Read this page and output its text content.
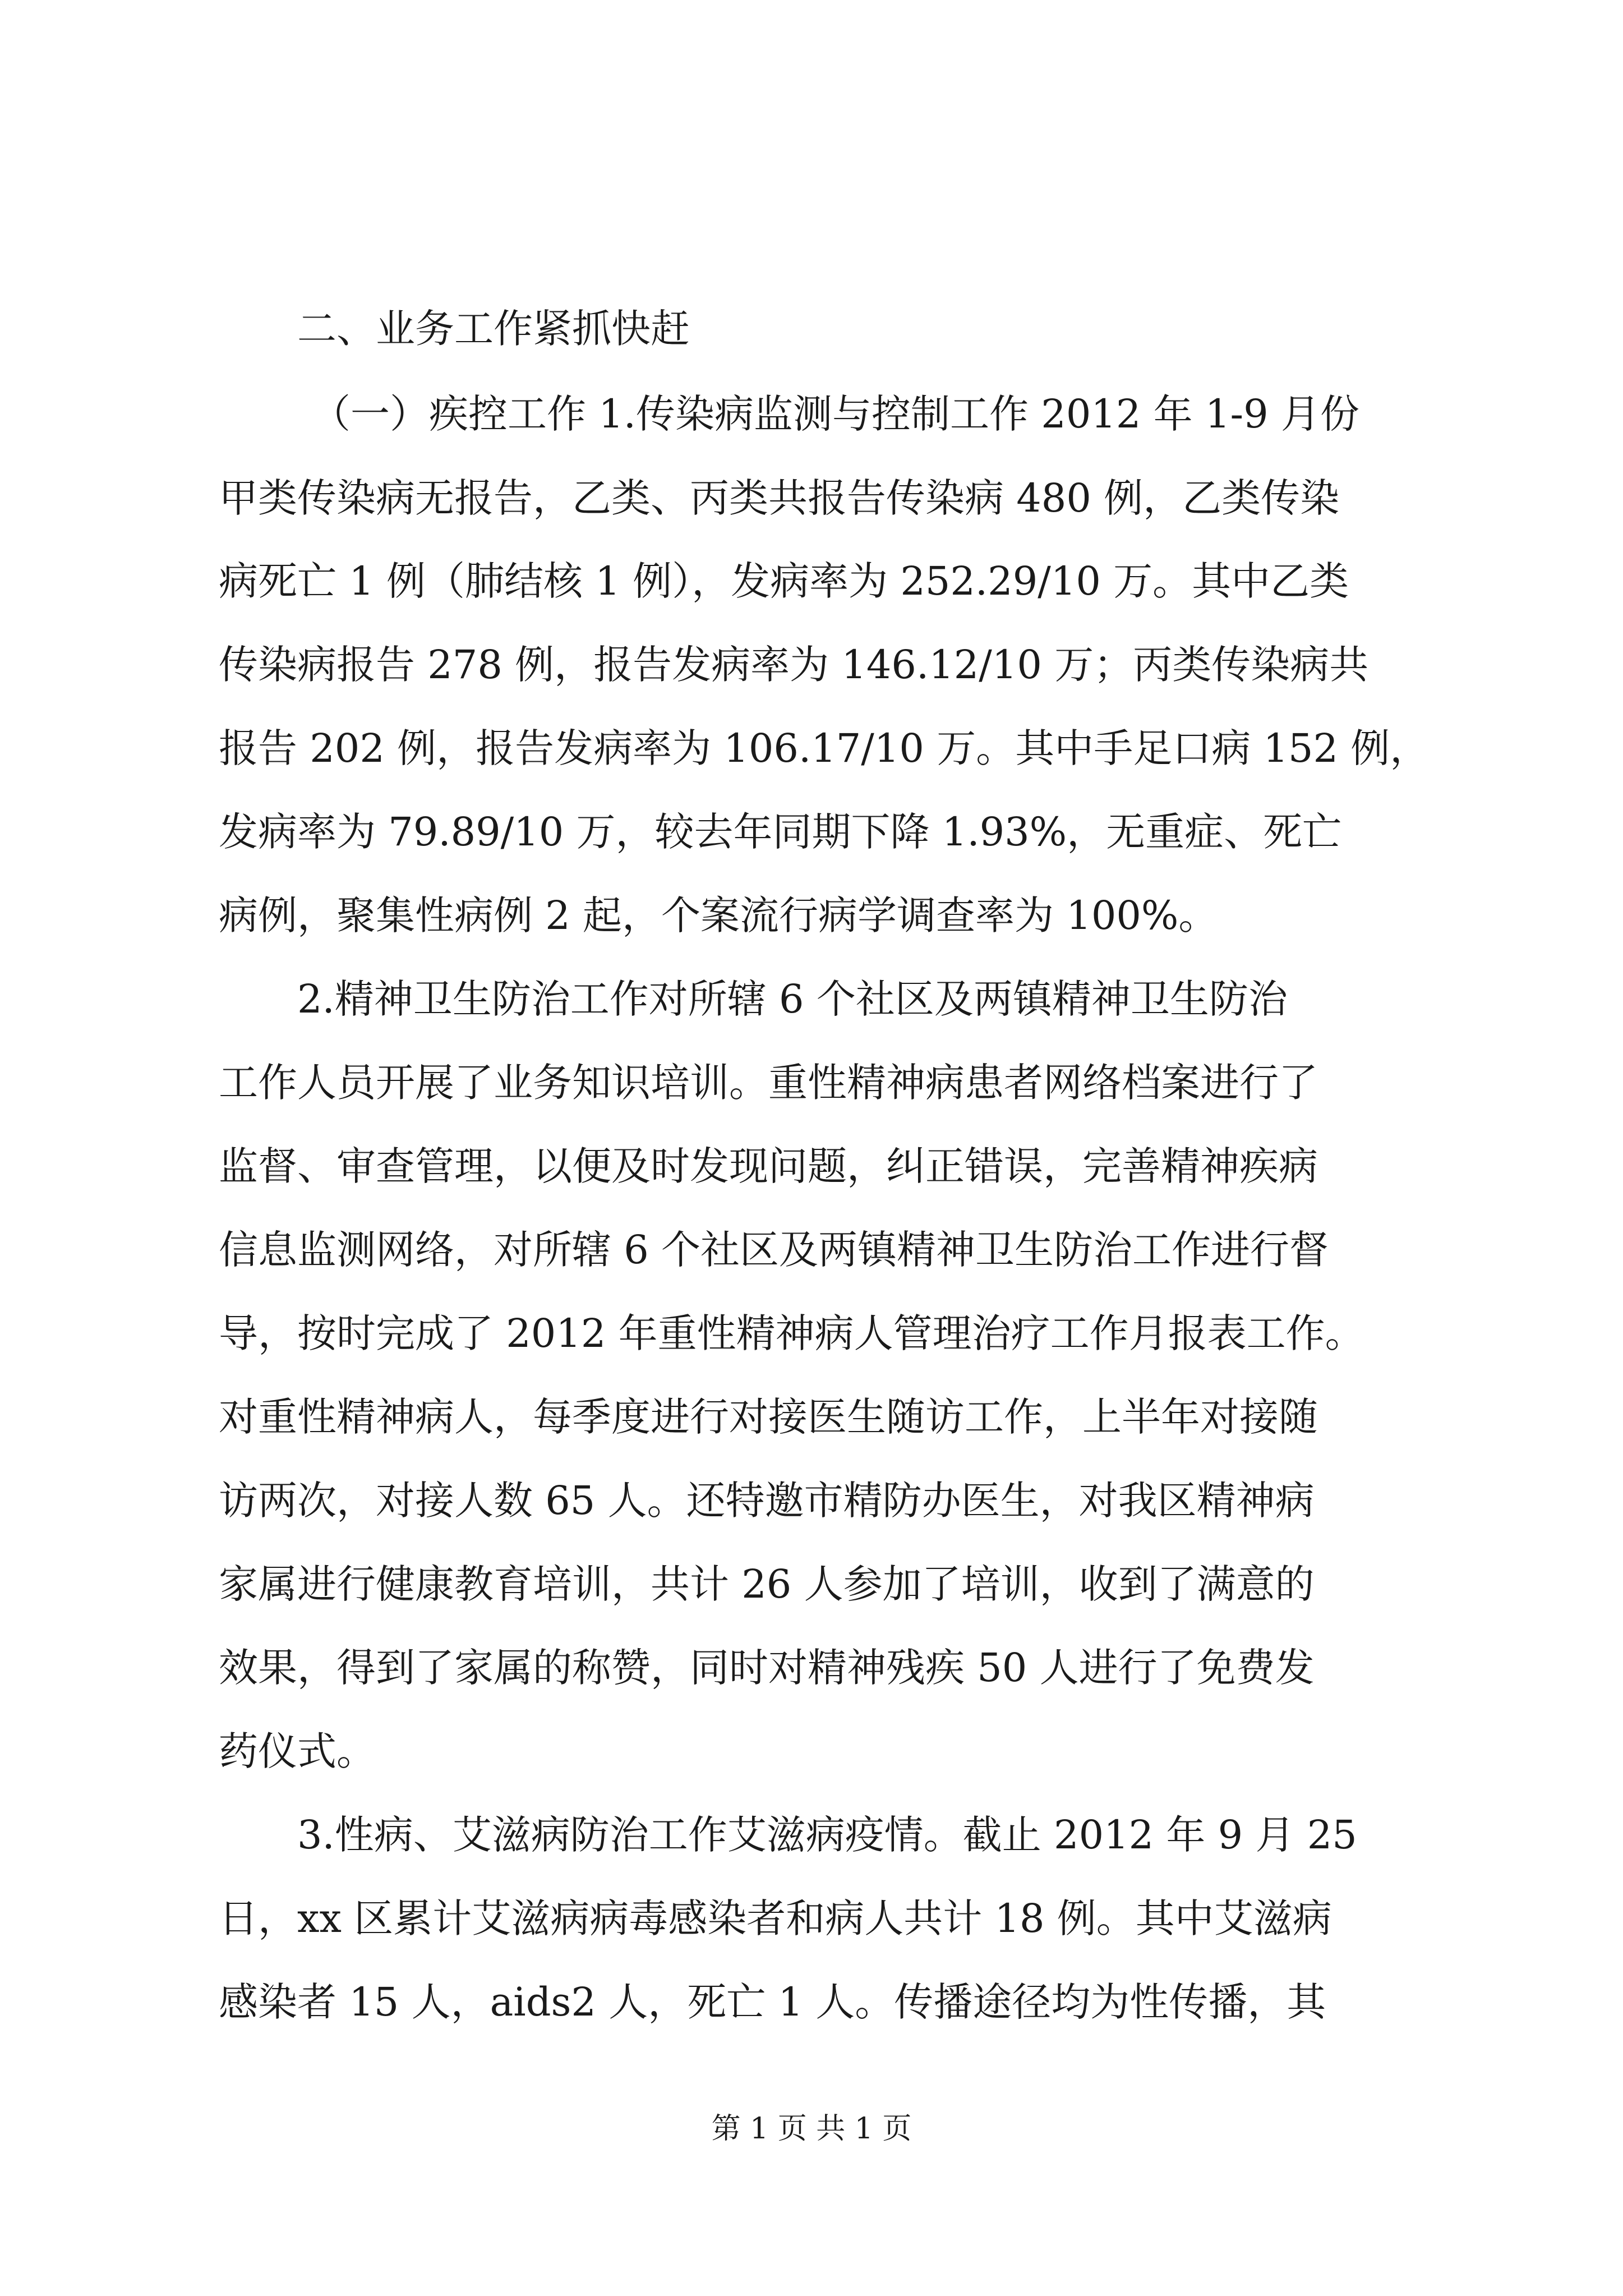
二、业务工作紧抓快赶
（一）疾控工作 1.传染病监测与控制工作 2012 年 1-9 月份
甲类传染病无报告，乙类、丙类共报告传染病 480 例，乙类传染
病死亡 1 例（肺结核 1 例），发病率为 252.29/10 万。其中乙类
传染病报告 278 例，报告发病率为 146.12/10 万；丙类传染病共
报告 202 例，报告发病率为 106.17/10 万。其中手足口病 152 例，
发病率为 79.89/10 万，较去年同期下降 1.93%，无重症、死亡
病例，聚集性病例 2 起，个案流行病学调查率为 100%。
2.精神卫生防治工作对所辖 6 个社区及两镇精神卫生防治
工作人员开展了业务知识培训。重性精神病患者网络档案进行了
监督、审查管理，以便及时发现问题，纠正错误，完善精神疾病
信息监测网络，对所辖 6 个社区及两镇精神卫生防治工作进行督
导，按时完成了 2012 年重性精神病人管理治疗工作月报表工作。
对重性精神病人，每季度进行对接医生随访工作，上半年对接随
访两次，对接人数 65 人。还特邀市精防办医生，对我区精神病
家属进行健康教育培训，共计 26 人参加了培训，收到了满意的
效果，得到了家属的称赞，同时对精神残疾 50 人进行了免费发
药仪式。
3.性病、艾滋病防治工作艾滋病疫情。截止 2012 年 9 月 25
日，xx 区累计艾滋病病毒感染者和病人共计 18 例。其中艾滋病
感染者 15 人，aids2 人，死亡 1 人。传播途径均为性传播，其
第 1 页 共 1 页
